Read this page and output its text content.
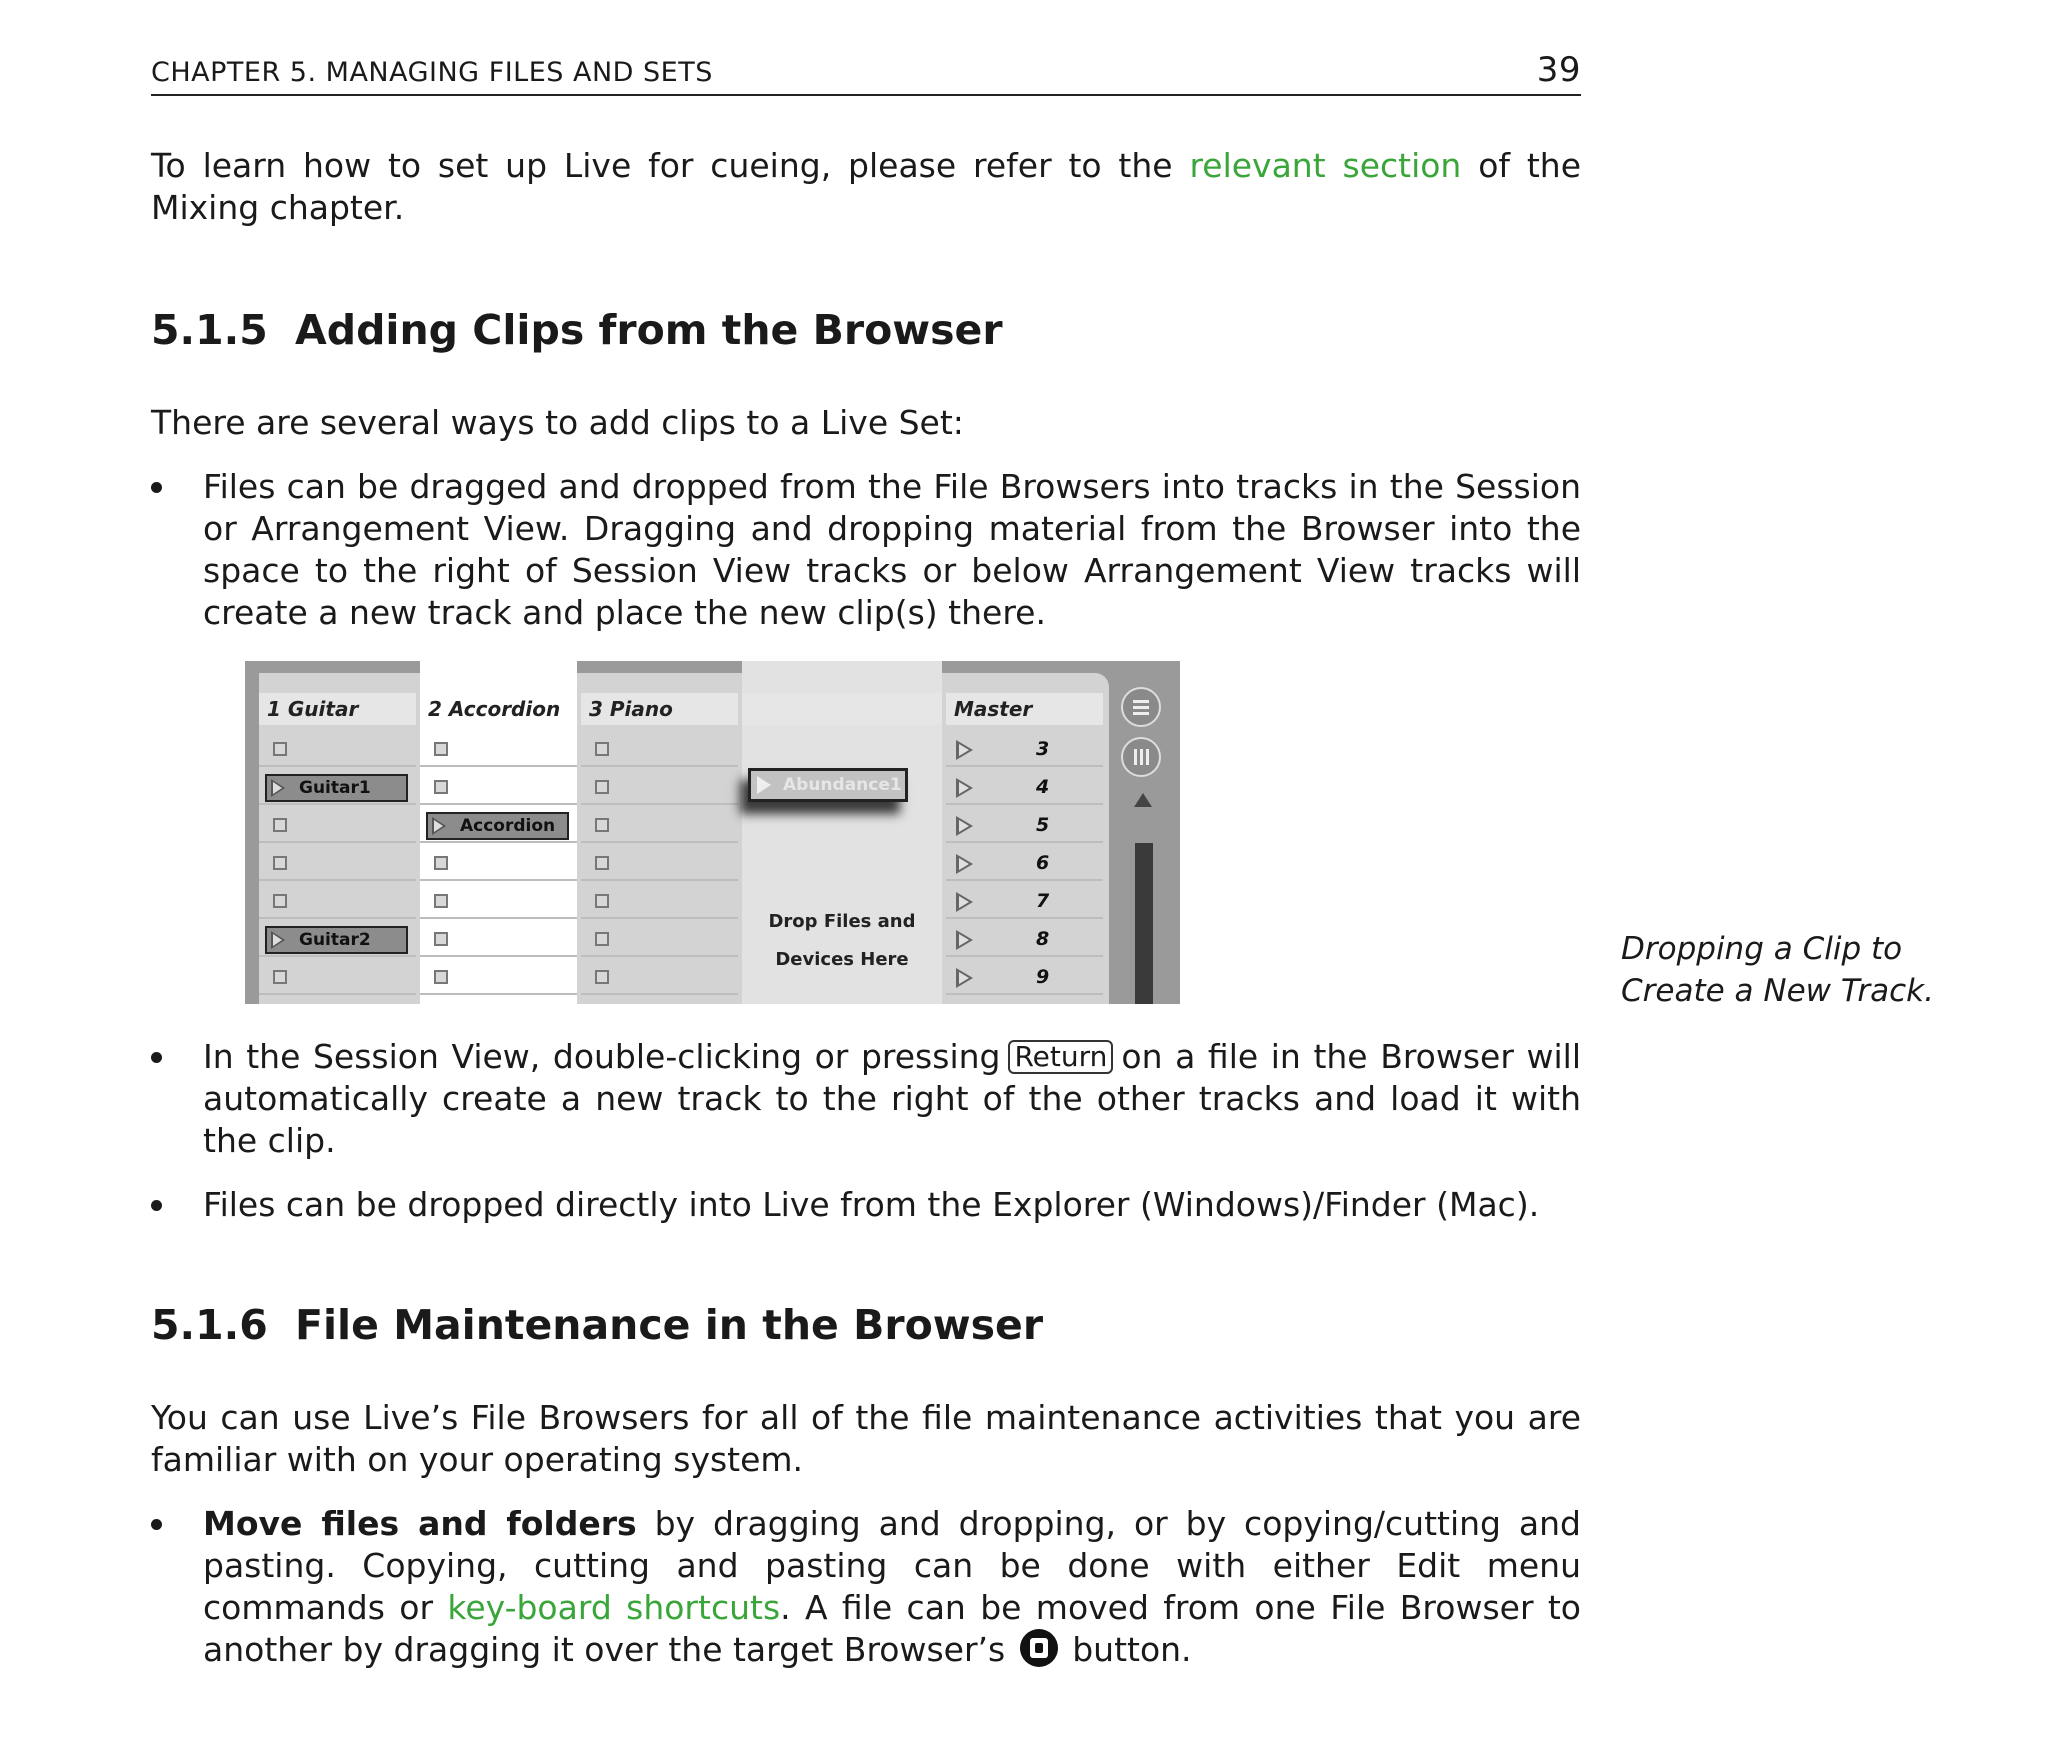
CHAPTER 5. MANAGING FILES AND SETS	39

To learn how to set up Live for cueing, please refer to the relevant section of the Mixing chapter.

5.1.5 Adding Clips from the Browser

There are several ways to add clips to a Live Set:

Files can be dragged and dropped from the File Browsers into tracks in the Session or Arrangement View. Dragging and dropping material from the Browser into the space to the right of Session View tracks or below Arrangement View tracks will create a new track and place the new clip(s) there.

In the Session View, double-clicking or pressing Return on a file in the Browser will automatically create a new track to the right of the other tracks and load it with the clip.

Files can be dropped directly into Live from the Explorer (Windows)/Finder (Mac).

5.1.6 File Maintenance in the Browser

You can use Live’s File Browsers for all of the file maintenance activities that you are familiar with on your operating system.

Move files and folders by dragging and dropping, or by copying/cutting and pasting. Copying, cutting and pasting can be done with either Edit menu commands or key-board shortcuts. A file can be moved from one File Browser to another by dragging it over the target Browser’s  button.

1 Guitar
Guitar1
Guitar2
2 Accordion
Accordion
3 Piano
Abundance1
Drop Files and
Devices Here
Master
3
4
5
6
7
8
9
Dropping a Clip to Create a New Track.
